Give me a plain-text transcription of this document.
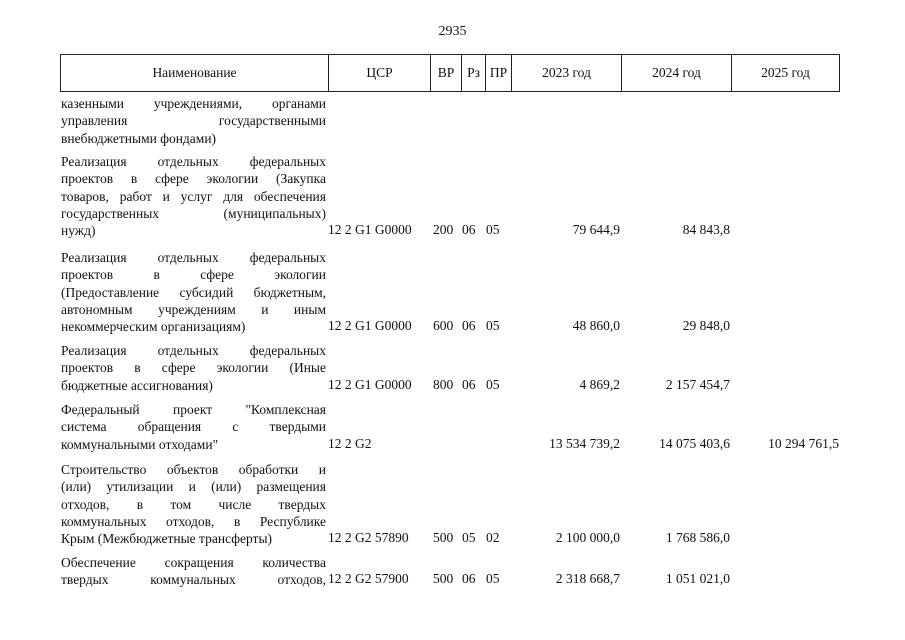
2935
Наименование	ЦСР	ВР Рз ПР	2023 год	2024 год	2025 год
казенными учреждениями, органами
управления государственными
внебюджетными фондами)
Реализация отдельных федеральных
проектов в сфере экологии (Закупка
товаров, работ и услуг для обеспечения
государственных (муниципальных)
нужд)	12 2 G1 G0000 200 06 05	79 644,9	84 843,8
Реализация отдельных федеральных
проектов в сфере экологии
(Предоставление субсидий бюджетным,
автономным учреждениям и иным
некоммерческим организациям)	12 2 G1 G0000 600 06 05	48 860,0	29 848,0
Реализация отдельных федеральных
проектов в сфере экологии (Иные
бюджетные ассигнования)	12 2 G1 G0000 800 06 05	4 869,2	2 157 454,7
Федеральный проект "Комплексная
система обращения с твердыми
коммунальными отходами"	12 2 G2	13 534 739,2	14 075 403,6	10 294 761,5
Строительство объектов обработки и
(или) утилизации и (или) размещения
отходов, в том числе твердых
коммунальных отходов, в Республике
Крым (Межбюджетные трансферты)	12 2 G2 57890 500 05 02	2 100 000,0	1 768 586,0
Обеспечение сокращения количества
твердых коммунальных отходов, 12 2 G2 57900 500 06 05	2 318 668,7	1 051 021,0
